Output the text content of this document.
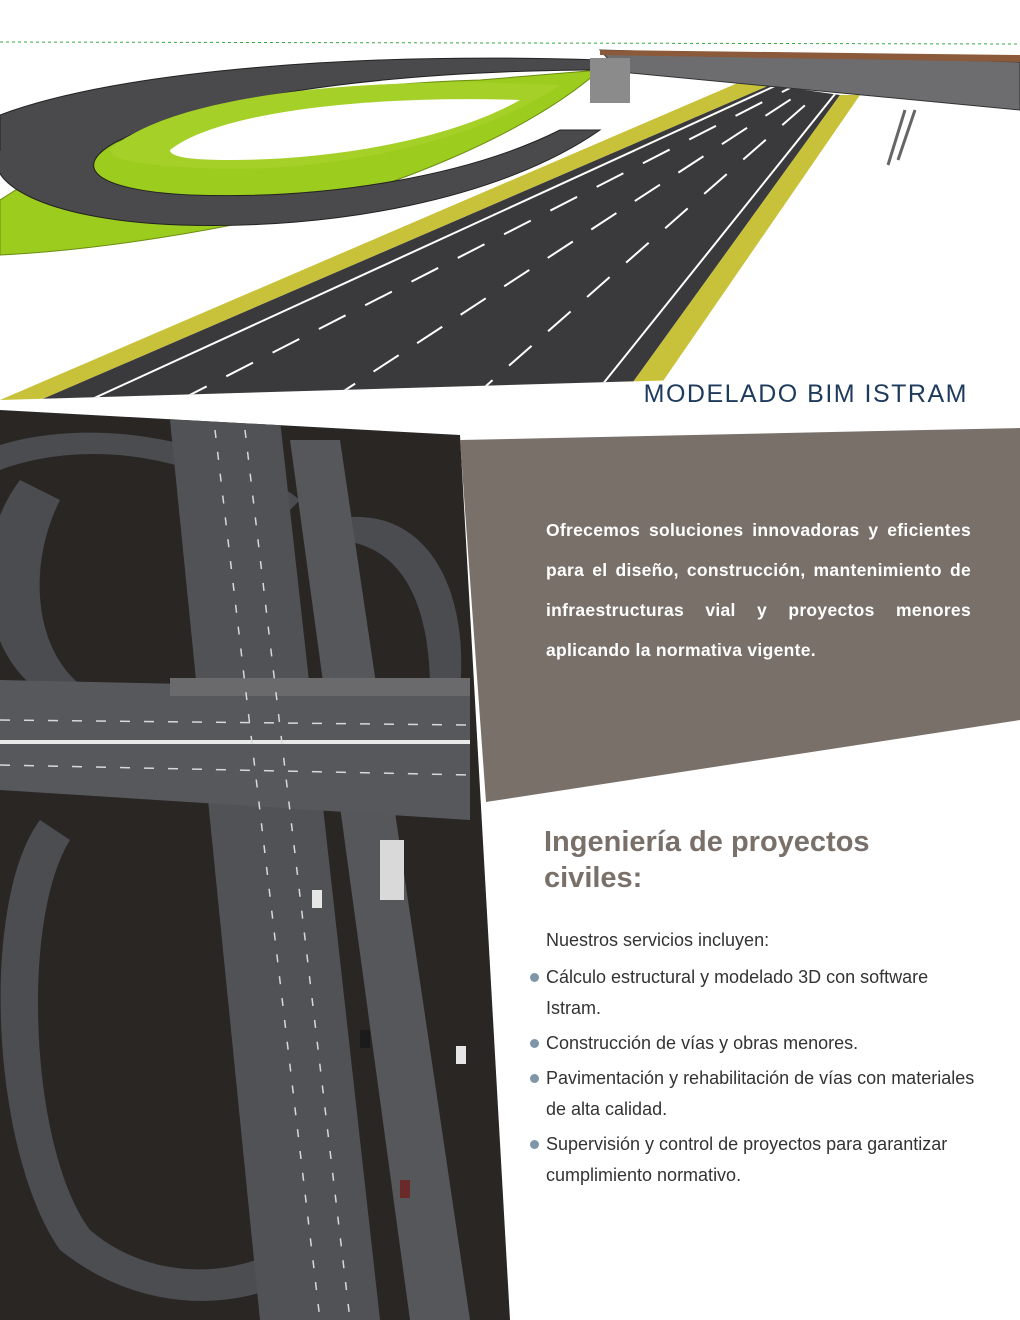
MODELADO BIM ISTRAM
Ofrecemos soluciones innovadoras y eficientes para el diseño, construcción, mantenimiento de infraestructuras vial y proyectos menores aplicando la normativa vigente.
Ingeniería de proyectos
civiles:
Nuestros servicios incluyen:
Cálculo estructural y modelado 3D con software Istram.
Construcción de vías y obras menores.
Pavimentación y rehabilitación de vías con materiales de alta calidad.
Supervisión y control de proyectos para garantizar cumplimiento normativo.
